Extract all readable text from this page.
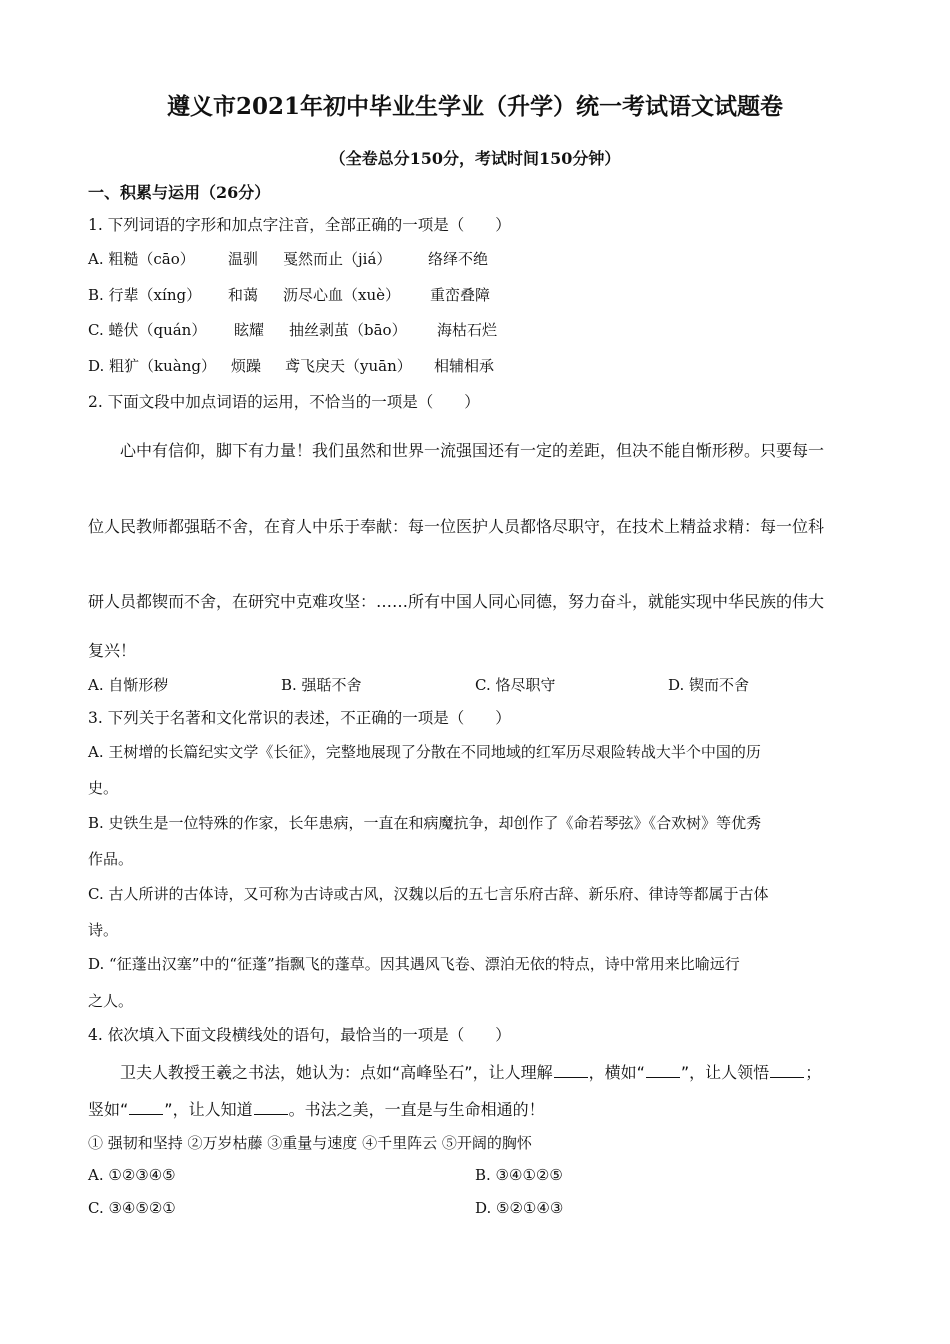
遵义市2021年初中毕业生学业（升学）统一考试语文试题卷
（全卷总分150分，考试时间150分钟）
一、积累与运用（26分）
1. 下列词语的字形和加点字注音，全部正确的一项是（　　）
A. 粗糙（cāo） 温驯 戛然而止（jiá） 络绎不绝
B. 行辈（xíng） 和蔼 沥尽心血（xuè） 重峦叠障
C. 蜷伏（quán） 眩耀 抽丝剥茧（bāo） 海枯石烂
D. 粗犷（kuàng） 烦躁 鸢飞戾天（yuān） 相辅相承
2. 下面文段中加点词语的运用，不恰当的一项是（　　）
心中有信仰，脚下有力量！我们虽然和世界一流强国还有一定的差距，但决不能自惭形秽。只要每一
位人民教师都强聒不舍，在育人中乐于奉献：每一位医护人员都恪尽职守，在技术上精益求精：每一位科
研人员都锲而不舍，在研究中克难攻坚：……所有中国人同心同德，努力奋斗，就能实现中华民族的伟大
复兴！
A. 自惭形秽	B. 强聒不舍	C. 恪尽职守	D. 锲而不舍
3. 下列关于名著和文化常识的表述，不正确的一项是（　　）
A. 王树增的长篇纪实文学《长征》，完整地展现了分散在不同地域的红军历尽艰险转战大半个中国的历
史。
B. 史铁生是一位特殊的作家，长年患病，一直在和病魔抗争，却创作了《命若琴弦》《合欢树》等优秀
作品。
C. 古人所讲的古体诗，又可称为古诗或古风，汉魏以后的五七言乐府古辞、新乐府、律诗等都属于古体
诗。
D. “征蓬出汉塞”中的“征蓬”指飘飞的蓬草。因其遇风飞卷、漂泊无依的特点，诗中常用来比喻远行
之人。
4. 依次填入下面文段横线处的语句，最恰当的一项是（　　）
卫夫人教授王羲之书法，她认为：点如“高峰坠石”，让人理解 ，横如“ ”，让人领悟 ；
竖如“ ”，让人知道 。书法之美，一直是与生命相通的！
① 强韧和坚持 ②万岁枯藤 ③重量与速度 ④千里阵云 ⑤开阔的胸怀
A. ①②③④⑤	B. ③④①②⑤
C. ③④⑤②①	D. ⑤②①④③
